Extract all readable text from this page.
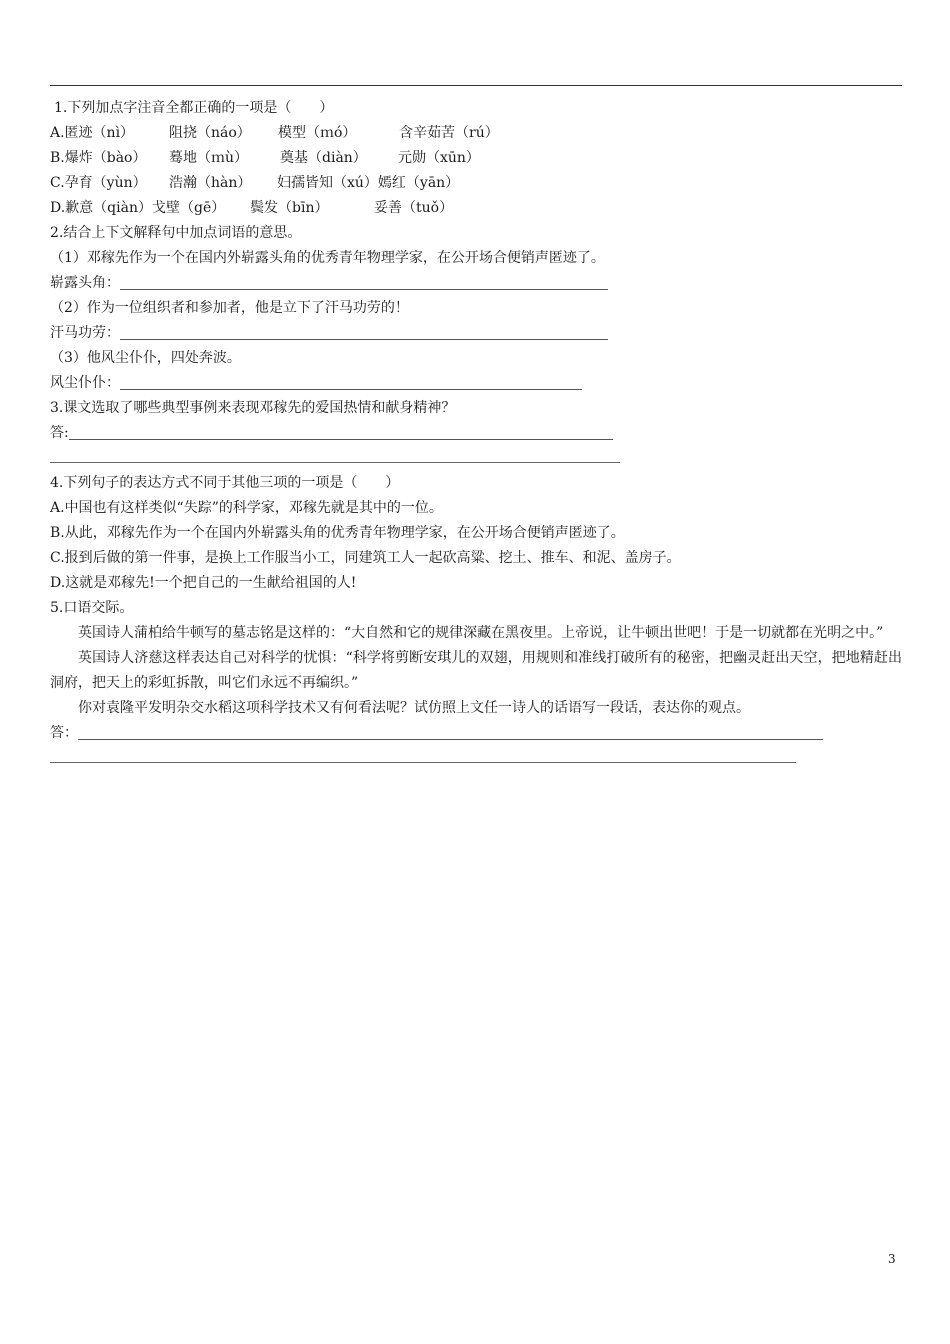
1.下列加点字注音全都正确的一项是（　　）
A.匿迹（nì） 阻挠（náo） 模型（ｍó）	含辛茹苦（rú）
B.爆炸（bào） 蓦地（ｍù） 奠基（diàn） 元勋（xūn）
C.孕育（yùn） 浩瀚（hàn） 妇孺皆知（xú）嫣红（yān）
D.歉意（qiàn）戈壁（gē） 鬓发（bīn）	妥善（tuǒ）
2.结合上下文解释句中加点词语的意思。
（1）邓稼先作为一个在国内外崭露头角的优秀青年物理学家，在公开场合便销声匿迹了。
崭露头角：
（2）作为一位组织者和参加者，他是立下了汗马功劳的！
汗马功劳：
（3）他风尘仆仆，四处奔波。
风尘仆仆：
3.课文选取了哪些典型事例来表现邓稼先的爱国热情和献身精神？
答:
4.下列句子的表达方式不同于其他三项的一项是（　　）
A.中国也有这样类似“失踪”的科学家，邓稼先就是其中的一位。
B.从此，邓稼先作为一个在国内外崭露头角的优秀青年物理学家，在公开场合便销声匿迹了。
C.报到后做的第一件事，是换上工作服当小工，同建筑工人一起砍高粱、挖土、推车、和泥、盖房子。
D.这就是邓稼先!一个把自己的一生献给祖国的人!
5.口语交际。
英国诗人蒲柏给牛顿写的墓志铭是这样的：“大自然和它的规律深藏在黑夜里。上帝说，让牛顿出世吧！于是一切就都在光明之中。”
英国诗人济慈这样表达自己对科学的忧惧：“科学将剪断安琪儿的双翅，用规则和准线打破所有的秘密，把幽灵赶出天空，把地精赶出洞府，把天上的彩虹拆散，叫它们永远不再编织。”
你对袁隆平发明杂交水稻这项科学技术又有何看法呢？试仿照上文任一诗人的话语写一段话，表达你的观点。
答：
3
